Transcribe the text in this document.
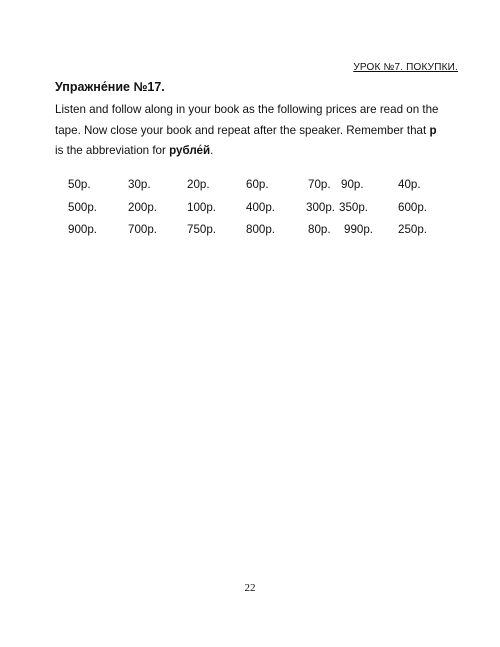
УРОК №7. ПОКУПКИ.
Упражне́ние №17.
Listen and follow along in your book as the following prices are read on the
tape. Now close your book and repeat after the speaker. Remember that р
is the abbreviation for рубле́й.
50р.	30р.	20р.	60р.	70р. 90р.	40р.
500р.	200р.	100р.	400р.	300р. 350р.	600р.
900р.	700р.	750р.	800р.	80р. 990р. 250р.
22
